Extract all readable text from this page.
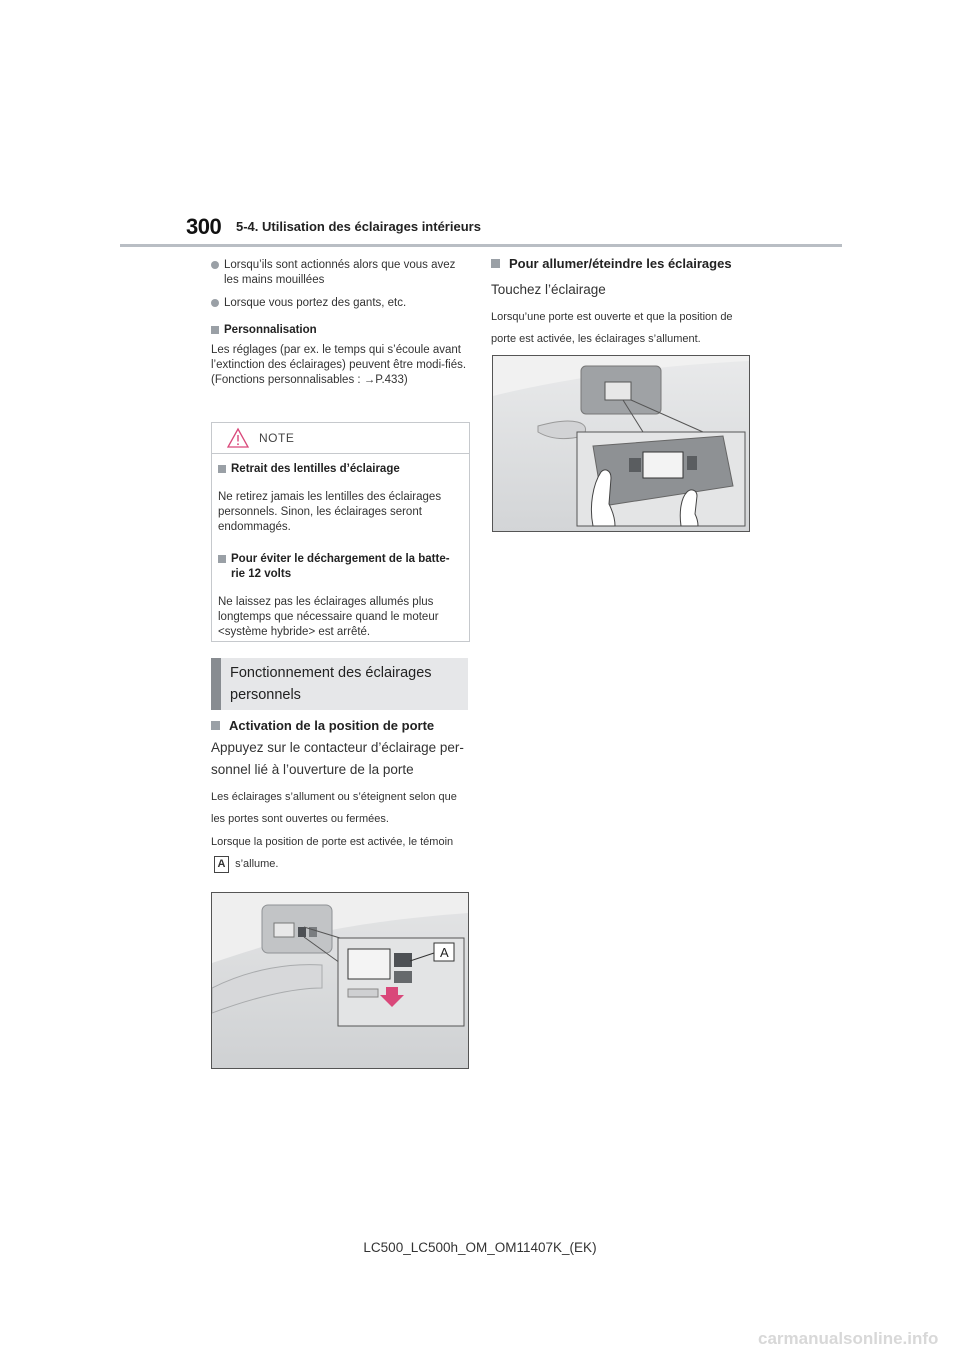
300 5-4. Utilisation des éclairages intérieurs
Lorsqu’ils sont actionnés alors que vous avez les mains mouillées
Lorsque vous portez des gants, etc.
Personnalisation
Les réglages (par ex. le temps qui s’écoule avant l’extinction des éclairages) peuvent être modi-fiés.
(Fonctions personnalisables : →P.433)
NOTE
Retrait des lentilles d’éclairage
Ne retirez jamais les lentilles des éclairages personnels. Sinon, les éclairages seront endommagés.
Pour éviter le déchargement de la batte-rie 12 volts
Ne laissez pas les éclairages allumés plus longtemps que nécessaire quand le moteur <système hybride> est arrêté.
Fonctionnement des éclairages personnels
Activation de la position de porte
Appuyez sur le contacteur d’éclairage per-sonnel lié à l’ouverture de la porte
Les éclairages s’allument ou s’éteignent selon que les portes sont ouvertes ou fermées.
Lorsque la position de porte est activée, le témoin A s’allume.
A
Pour allumer/éteindre les éclairages
Touchez l’éclairage
Lorsqu’une porte est ouverte et que la position de porte est activée, les éclairages s’allument.
LC500_LC500h_OM_OM11407K_(EK)
carmanualsonline.info
